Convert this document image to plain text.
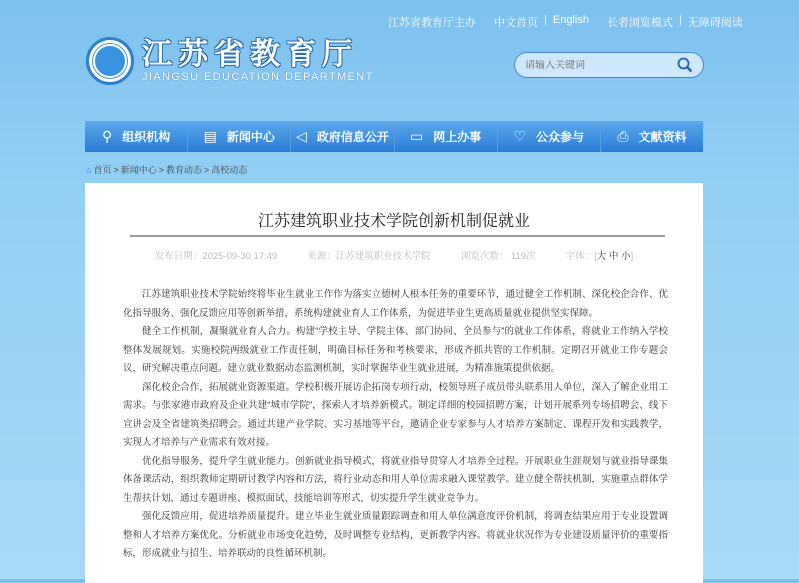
江苏省教育厅主办 中文首页 | English 长者浏览模式 | 无障碍阅读
江苏省教育厅
JIANGSU EDUCATION DEPARTMENT
请输入关键词
⚲ 组织机构 ▤ 新闻中心 ◁ 政府信息公开 ▭ 网上办事 ♡ 公众参与 ⎙ 文献资料
⌂ 首页 > 新闻中心 > 教育动态 > 高校动态
江苏建筑职业技术学院创新机制促就业
发布日期：2025-09-30 17:49	来源：江苏建筑职业技术学院	浏览次数： 119次	字体：[大 中 小]

江苏建筑职业技术学院始终将毕业生就业工作作为落实立德树人根本任务的重要环节，通过健全工作机制、深化校企合作、优化指导服务、强化反馈应用等创新举措，系统构建就业育人工作体系，为促进毕业生更高质量就业提供坚实保障。

健全工作机制，凝聚就业育人合力。构建“学校主导、学院主体、部门协同、全员参与”的就业工作体系，将就业工作纳入学校整体发展规划。实施校院两级就业工作责任制，明确目标任务和考核要求，形成齐抓共管的工作机制。定期召开就业工作专题会议，研究解决重点问题。建立就业数据动态监测机制，实时掌握毕业生就业进展，为精准施策提供依据。

深化校企合作，拓展就业资源渠道。学校积极开展访企拓岗专项行动，校领导班子成员带头联系用人单位，深入了解企业用工需求。与张家港市政府及企业共建“城市学院”，探索人才培养新模式。制定详细的校园招聘方案，计划开展系列专场招聘会、线下宣讲会及全省建筑类招聘会。通过共建产业学院、实习基地等平台，邀请企业专家参与人才培养方案制定、课程开发和实践教学，实现人才培养与产业需求有效对接。

优化指导服务，提升学生就业能力。创新就业指导模式，将就业指导贯穿人才培养全过程。开展职业生涯规划与就业指导课集体备课活动，组织教师定期研讨教学内容和方法，将行业动态和用人单位需求融入课堂教学。建立健全帮扶机制，实施重点群体学生帮扶计划，通过专题讲座、模拟面试、技能培训等形式，切实提升学生就业竞争力。

强化反馈应用，促进培养质量提升。建立毕业生就业质量跟踪调查和用人单位满意度评价机制，将调查结果应用于专业设置调整和人才培养方案优化。分析就业市场变化趋势，及时调整专业结构，更新教学内容。将就业状况作为专业建设质量评价的重要指标，形成就业与招生、培养联动的良性循环机制。
